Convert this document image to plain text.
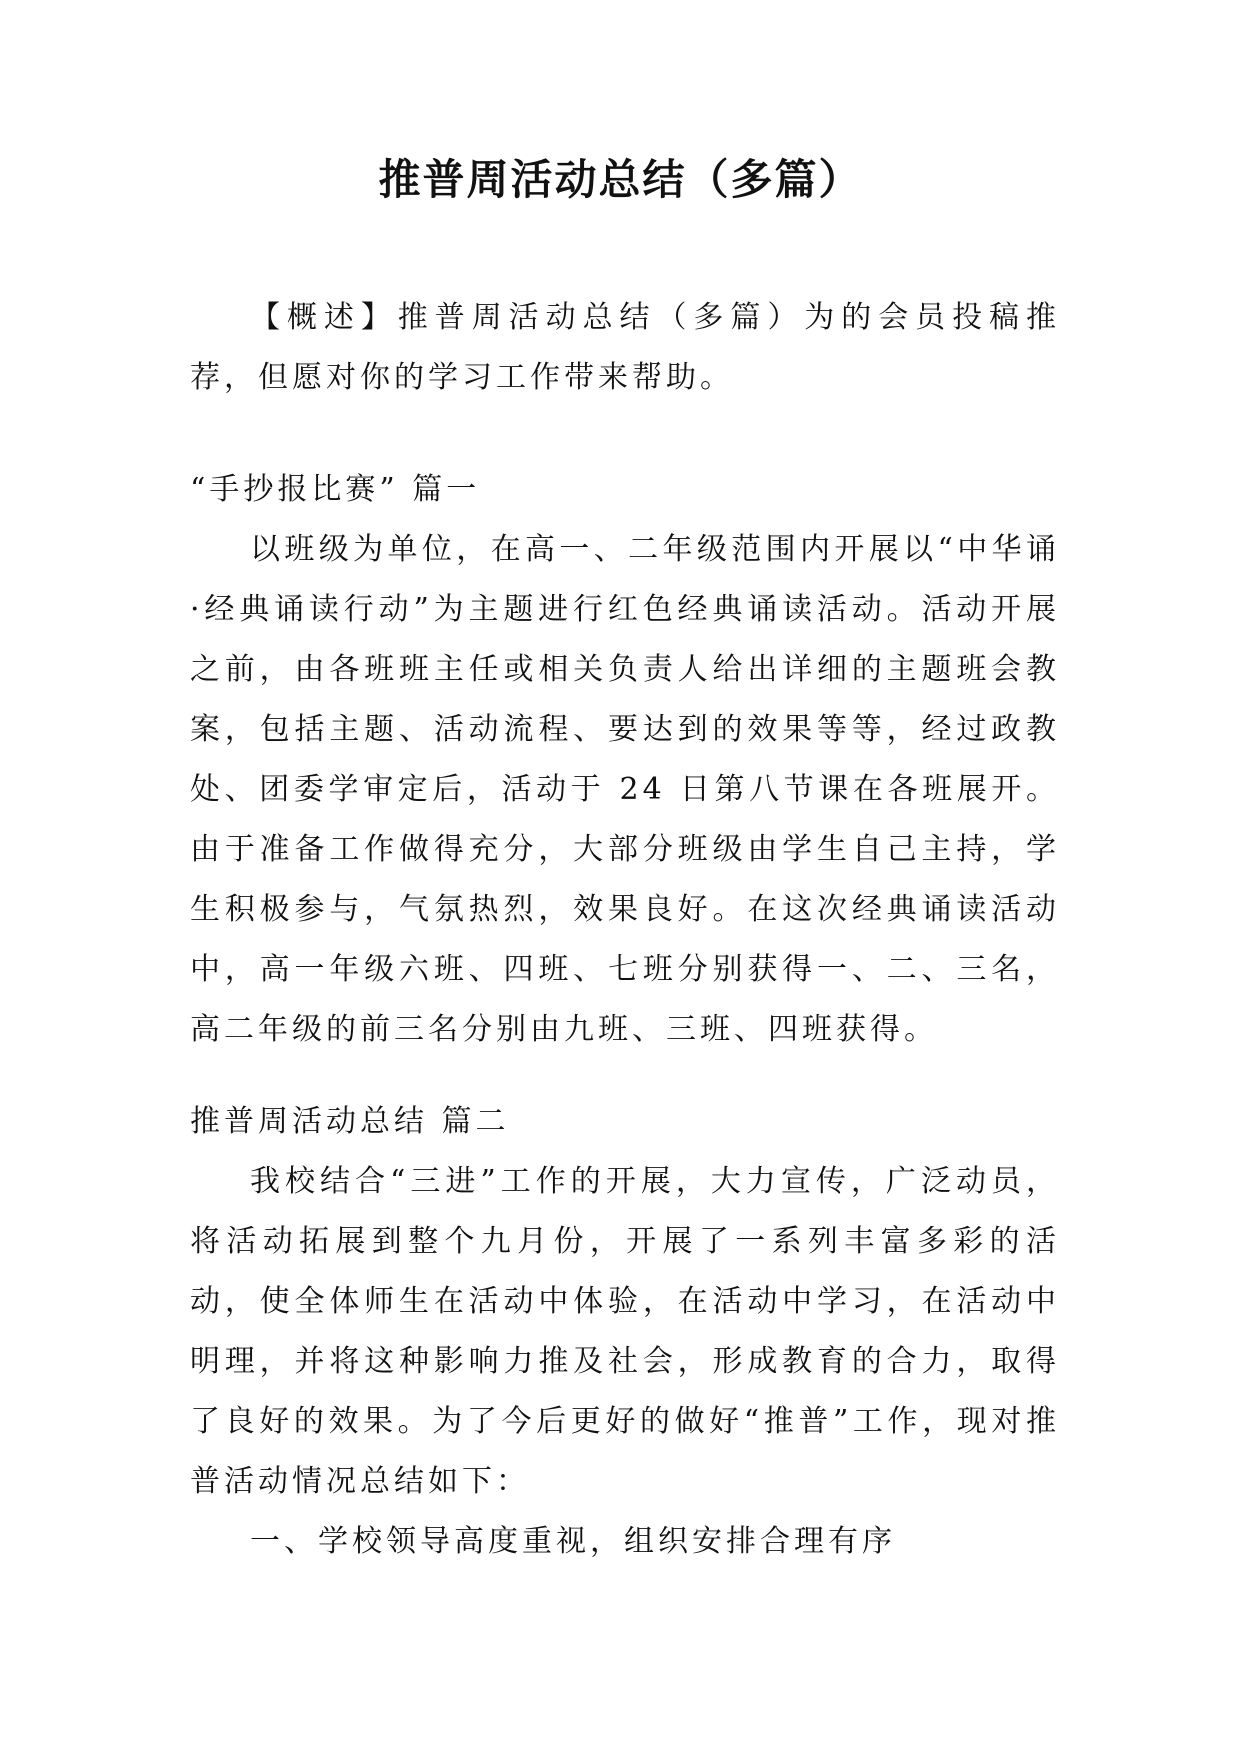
推普周活动总结（多篇）

【概述】推普周活动总结（多篇）为的会员投稿推荐，但愿对你的学习工作带来帮助。

“手抄报比赛” 篇一

以班级为单位，在高一、二年级范围内开展以“中华诵·经典诵读行动”为主题进行红色经典诵读活动。活动开展之前，由各班班主任或相关负责人给出详细的主题班会教案，包括主题、活动流程、要达到的效果等等，经过政教处、团委学审定后，活动于 24 日第八节课在各班展开。由于准备工作做得充分，大部分班级由学生自己主持，学生积极参与，气氛热烈，效果良好。在这次经典诵读活动中，高一年级六班、四班、七班分别获得一、二、三名，高二年级的前三名分别由九班、三班、四班获得。

推普周活动总结 篇二

我校结合“三进”工作的开展，大力宣传，广泛动员，将活动拓展到整个九月份，开展了一系列丰富多彩的活动，使全体师生在活动中体验，在活动中学习，在活动中明理，并将这种影响力推及社会，形成教育的合力，取得了良好的效果。为了今后更好的做好“推普”工作，现对推普活动情况总结如下：

一、学校领导高度重视，组织安排合理有序
